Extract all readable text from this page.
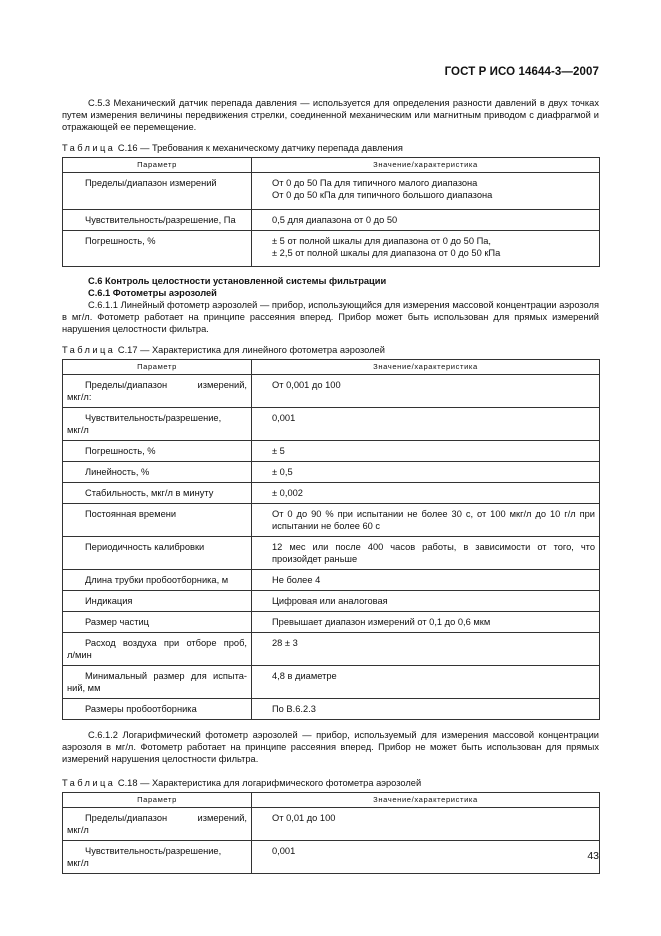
ГОСТ Р ИСО 14644-3—2007

С.5.3 Механический датчик перепада давления — используется для определения разности давлений в двух точках путем измерения величины передвижения стрелки, соединенной механическим или магнитным приводом с диафрагмой и отражающей ее перемещение.

Таблица С.16 — Требования к механическому датчику перепада давления
Параметр	Значение/характеристика
Пределы/диапазон измерений	От 0 до 50 Па для типичного малого диапазона
От 0 до 50 кПа для типичного большого диапазона

Чувствительность/разрешение, Па	0,5 для диапазона от 0 до 50
Погрешность, %	± 5 от полной шкалы для диапазона от 0 до 50 Па,
± 2,5 от полной шкалы для диапазона от 0 до 50 кПа

С.6 Контроль целостности установленной системы фильтрации

С.6.1 Фотометры аэрозолей

С.6.1.1 Линейный фотометр аэрозолей — прибор, использующийся для измерения массовой концентрации аэрозоля в мг/л. Фотометр работает на принципе рассеяния вперед. Прибор может быть использован для прямых измерений нарушения целостности фильтра.

Таблица С.17 — Характеристика для линейного фотометра аэрозолей
Параметр	Значение/характеристика

Пределы/диапазон измерений,
мкг/л:	От 0,001 до 100

Чувствительность/разрешение,
мкг/л	0,001
Погрешность, %	± 5
Линейность, %	± 0,5
Стабильность, мкг/л в минуту	± 0,002
Постоянная времени	От 0 до 90 % при испытании не более 30 с, от 100 мкг/л до 10 г/л при испытании не более 60 с
Периодичность калибровки	12 мес или после 400 часов работы, в зависимости от того, что произойдет раньше
Длина трубки пробоотборника, м	Не более 4
Индикация	Цифровая или аналоговая
Размер частиц	Превышает диапазон измерений от 0,1 до 0,6 мкм

Расход воздуха при отборе проб,
л/мин	28 ± 3

Минимальный размер для испыта-
ний, мм	4,8 в диаметре
Размеры пробоотборника	По В.6.2.3

С.6.1.2 Логарифмический фотометр аэрозолей — прибор, используемый для измерения массовой концентрации аэрозоля в мг/л. Фотометр работает на принципе рассеяния вперед. Прибор не может быть использован для прямых измерений нарушения целостности фильтра.

Таблица С.18 — Характеристика для логарифмического фотометра аэрозолей
Параметр	Значение/характеристика

Пределы/диапазон измерений,
мкг/л	От 0,01 до 100

Чувствительность/разрешение,
мкг/л	0,001	43
